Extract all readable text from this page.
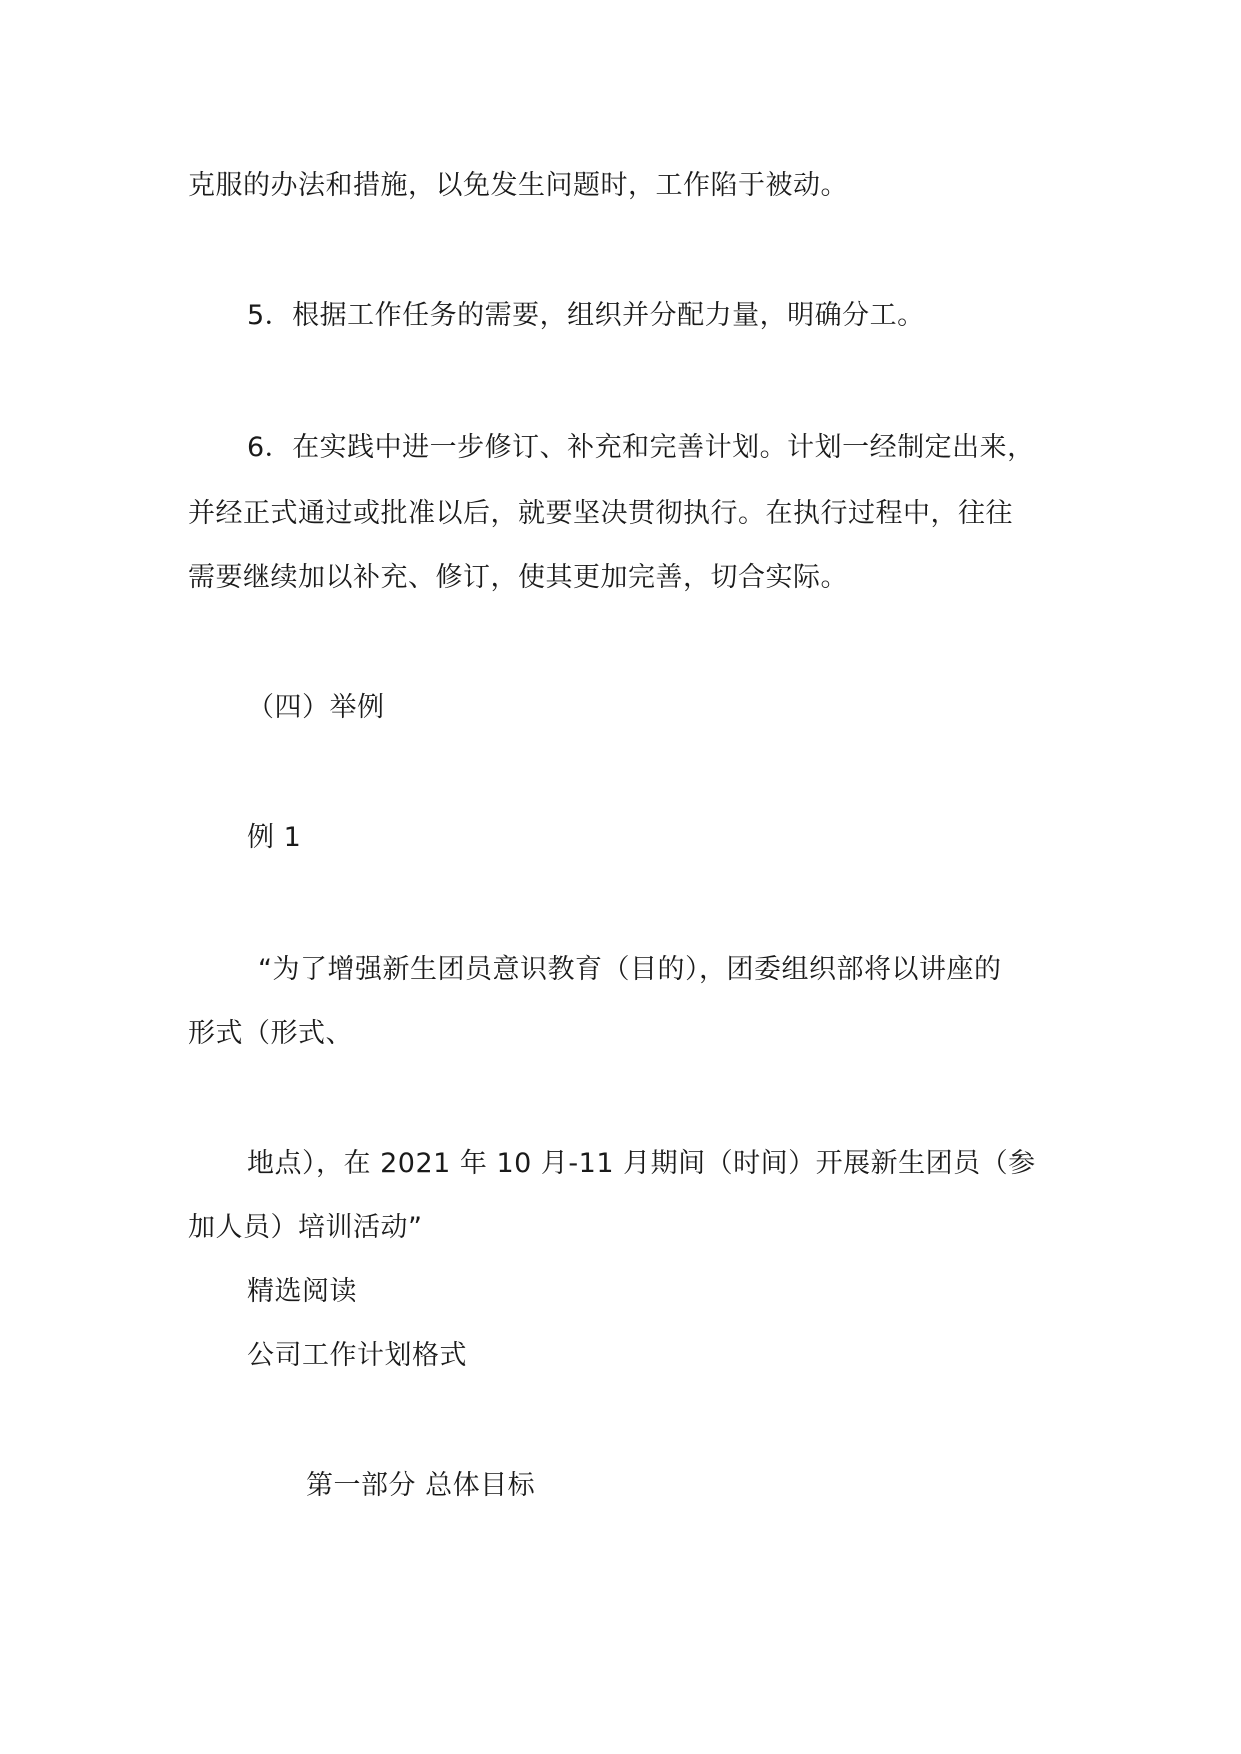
克服的办法和措施，以免发生问题时，工作陷于被动。
5．根据工作任务的需要，组织并分配力量，明确分工。
6．在实践中进一步修订、补充和完善计划。计划一经制定出来，
并经正式通过或批准以后，就要坚决贯彻执行。在执行过程中，往往
需要继续加以补充、修订，使其更加完善，切合实际。
（四）举例
例 1
“为了增强新生团员意识教育（目的），团委组织部将以讲座的
形式（形式、
地点），在 2021 年 10 月-11 月期间（时间）开展新生团员（参
加人员）培训活动”
精选阅读
公司工作计划格式
第一部分 总体目标
